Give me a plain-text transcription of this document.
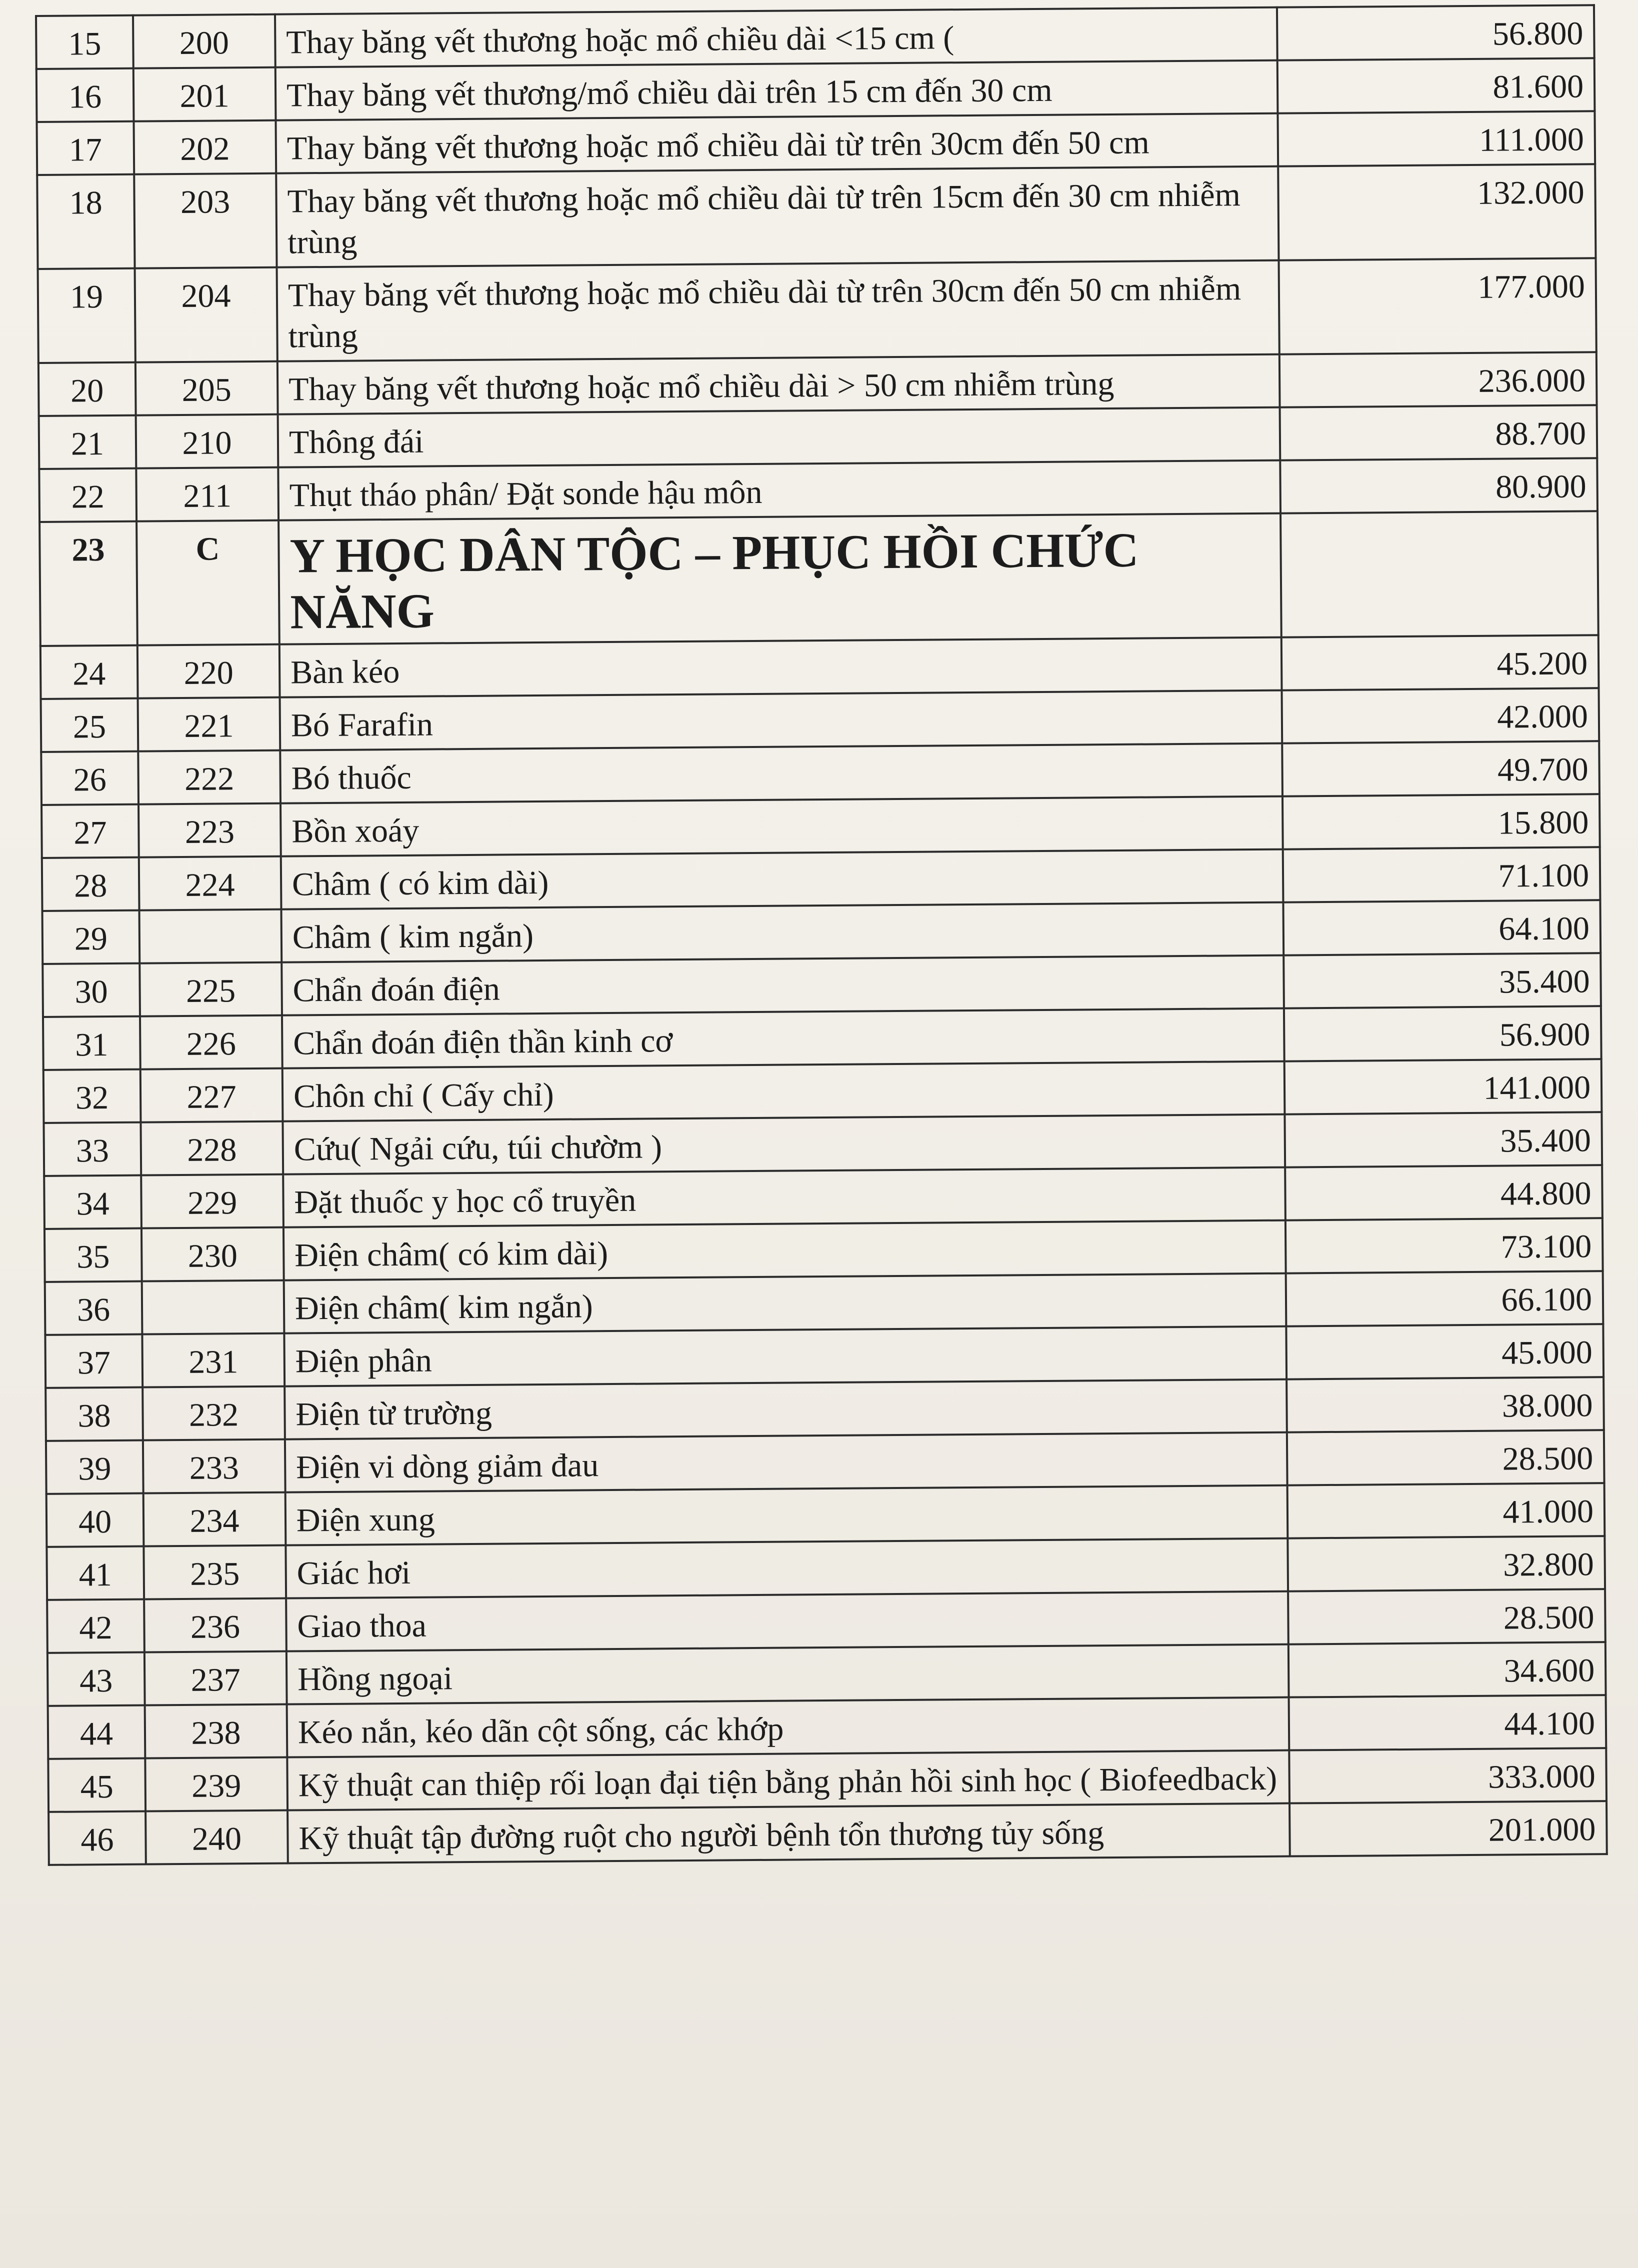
15	200	Thay băng vết thương hoặc mổ chiều dài <15 cm (	56.800
16	201	Thay băng vết thương/mổ chiều dài trên 15 cm đến 30 cm	81.600
17	202	Thay băng vết thương hoặc mổ chiều dài từ trên 30cm đến 50 cm	111.000
18	203	Thay băng vết thương hoặc mổ chiều dài từ trên 15cm đến 30 cm nhiễm trùng	132.000
19	204	Thay băng vết thương hoặc mổ chiều dài từ trên 30cm đến 50 cm nhiễm trùng	177.000
20	205	Thay băng vết thương hoặc mổ chiều dài > 50 cm nhiễm trùng	236.000
21	210	Thông đái	88.700
22	211	Thụt tháo phân/ Đặt sonde hậu môn	80.900
23	C	Y HỌC DÂN TỘC – PHỤC HỒI CHỨC NĂNG	
24	220	Bàn kéo	45.200
25	221	Bó Farafin	42.000
26	222	Bó thuốc	49.700
27	223	Bồn xoáy	15.800
28	224	Châm ( có kim dài)	71.100
29		Châm ( kim ngắn)	64.100
30	225	Chẩn đoán điện	35.400
31	226	Chẩn đoán điện thần kinh cơ	56.900
32	227	Chôn chỉ ( Cấy chỉ)	141.000
33	228	Cứu( Ngải cứu, túi chườm )	35.400
34	229	Đặt thuốc y học cổ truyền	44.800
35	230	Điện châm( có kim dài)	73.100
36		Điện châm( kim ngắn)	66.100
37	231	Điện phân	45.000
38	232	Điện từ trường	38.000
39	233	Điện vi dòng giảm đau	28.500
40	234	Điện xung	41.000
41	235	Giác hơi	32.800
42	236	Giao thoa	28.500
43	237	Hồng ngoại	34.600
44	238	Kéo nắn, kéo dãn cột sống, các khớp	44.100
45	239	Kỹ thuật can thiệp rối loạn đại tiện bằng phản hồi sinh học ( Biofeedback)	333.000
46	240	Kỹ thuật tập đường ruột cho người bệnh tổn thương tủy sống	201.000
